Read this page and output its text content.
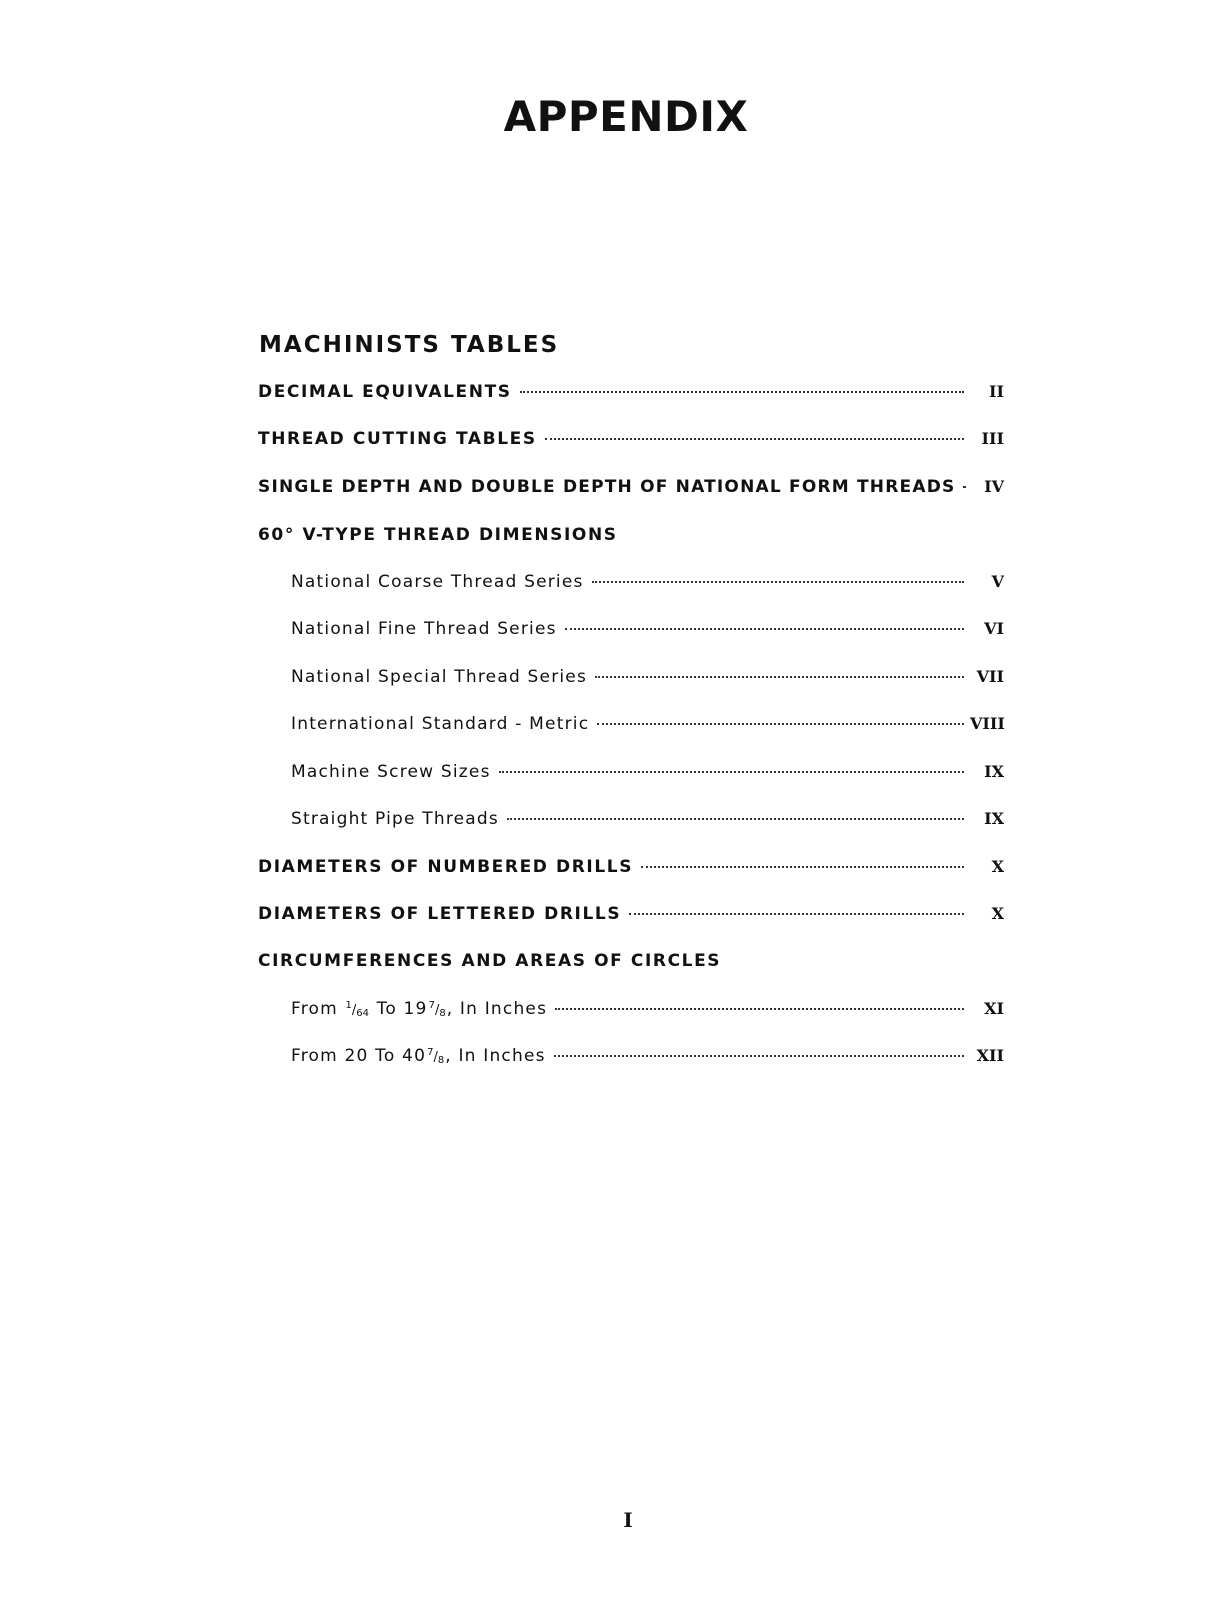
APPENDIX
MACHINISTS TABLES
DECIMAL EQUIVALENTS	II
THREAD CUTTING TABLES	III
SINGLE DEPTH AND DOUBLE DEPTH OF NATIONAL FORM THREADS	IV
60° V-TYPE THREAD DIMENSIONS
National Coarse Thread Series	V
National Fine Thread Series	VI
National Special Thread Series	VII
International Standard - Metric	VIII
Machine Screw Sizes	IX
Straight Pipe Threads	IX
DIAMETERS OF NUMBERED DRILLS	X
DIAMETERS OF LETTERED DRILLS	X
CIRCUMFERENCES AND AREAS OF CIRCLES
From 1/64 To 197/8, In Inches	XI
From 20 To 407/8, In Inches	XII
I
